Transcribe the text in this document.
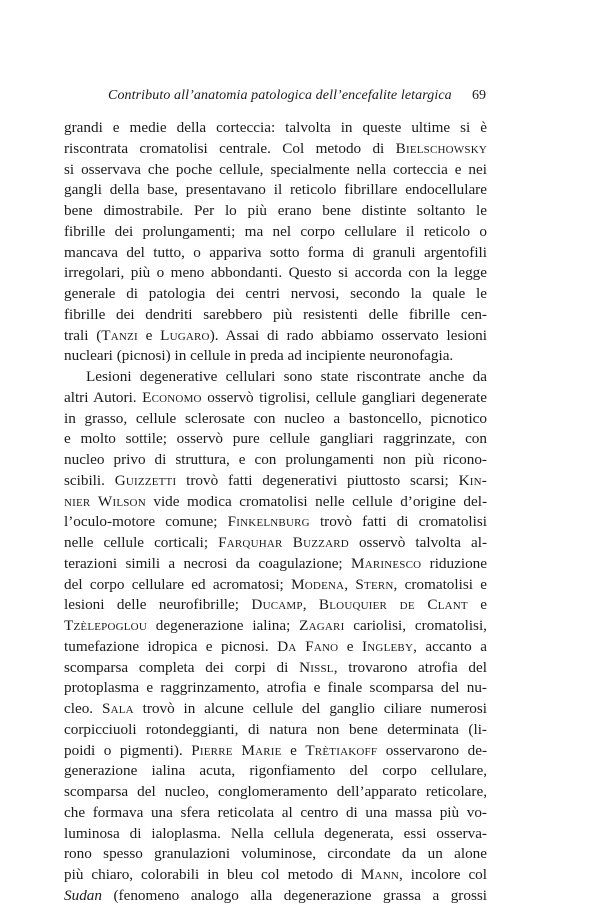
Contributo all’anatomia patologica dell’encefalite letargica 69
grandi e medie della corteccia: talvolta in queste ultime si è
riscontrata cromatolisi centrale. Col metodo di Bielschowsky
si osservava che poche cellule, specialmente nella corteccia e nei
gangli della base, presentavano il reticolo fibrillare endocellulare
bene dimostrabile. Per lo più erano bene distinte soltanto le
fibrille dei prolungamenti; ma nel corpo cellulare il reticolo o
mancava del tutto, o appariva sotto forma di granuli argentofili
irregolari, più o meno abbondanti. Questo si accorda con la legge
generale di patologia dei centri nervosi, secondo la quale le
fibrille dei dendriti sarebbero più resistenti delle fibrille cen-
trali (Tanzi e Lugaro). Assai di rado abbiamo osservato lesioni
nucleari (picnosi) in cellule in preda ad incipiente neuronofagia.
Lesioni degenerative cellulari sono state riscontrate anche da
altri Autori. Economo osservò tigrolisi, cellule gangliari degenerate
in grasso, cellule sclerosate con nucleo a bastoncello, picnotico
e molto sottile; osservò pure cellule gangliari raggrinzate, con
nucleo privo di struttura, e con prolungamenti non più ricono-
scibili. Guizzetti trovò fatti degenerativi piuttosto scarsi; Kin-
nier Wilson vide modica cromatolisi nelle cellule d’origine del-
l’oculo-motore comune; Finkelnburg trovò fatti di cromatolisi
nelle cellule corticali; Farquhar Buzzard osservò talvolta al-
terazioni simili a necrosi da coagulazione; Marinesco riduzione
del corpo cellulare ed acromatosi; Modena, Stern, cromatolisi e
lesioni delle neurofibrille; Ducamp, Blouquier de Clant e
Tzèlepoglou degenerazione ialina; Zagari cariolisi, cromatolisi,
tumefazione idropica e picnosi. Da Fano e Ingleby, accanto a
scomparsa completa dei corpi di Nissl, trovarono atrofia del
protoplasma e raggrinzamento, atrofia e finale scomparsa del nu-
cleo. Sala trovò in alcune cellule del ganglio ciliare numerosi
corpicciuoli rotondeggianti, di natura non bene determinata (li-
poidi o pigmenti). Pierre Marie e Trètiakoff osservarono de-
generazione ialina acuta, rigonfiamento del corpo cellulare,
scomparsa del nucleo, conglomeramento dell’apparato reticolare,
che formava una sfera reticolata al centro di una massa più vo-
luminosa di ialoplasma. Nella cellula degenerata, essi osserva-
rono spesso granulazioni voluminose, circondate da un alone
più chiaro, colorabili in bleu col metodo di Mann, incolore col
Sudan (fenomeno analogo alla degenerazione grassa a grossi
